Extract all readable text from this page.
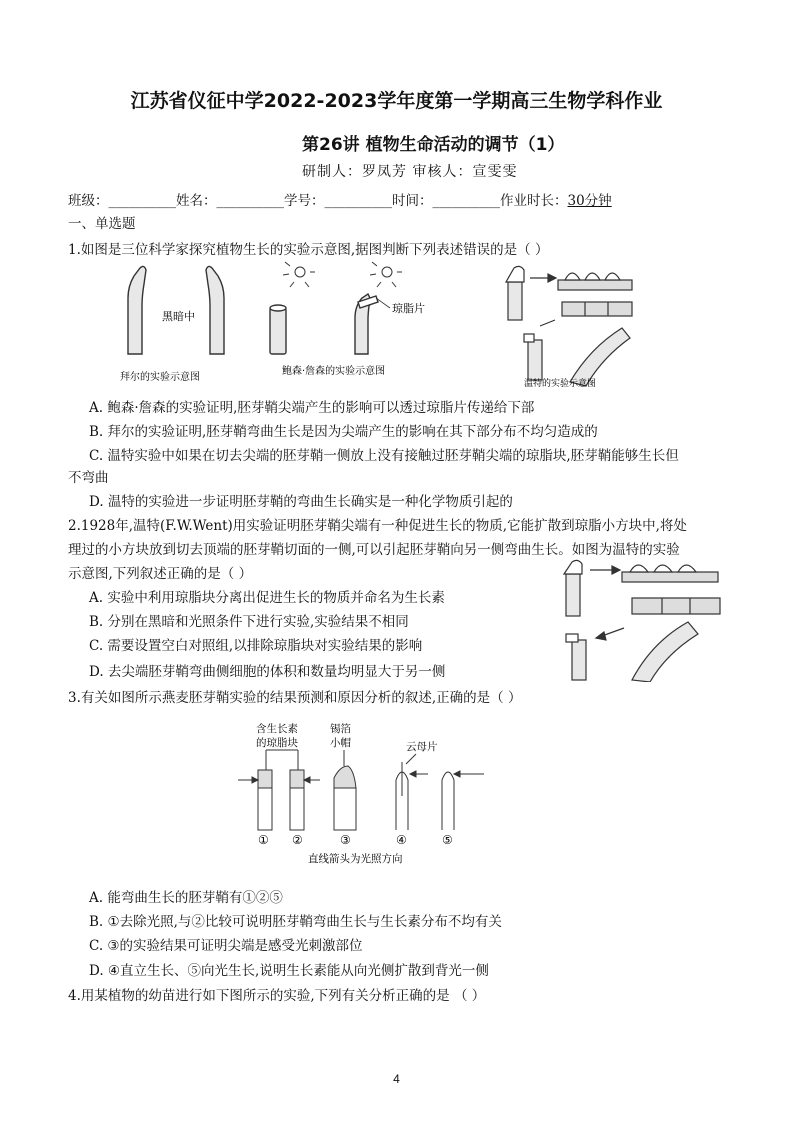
江苏省仪征中学2022-2023学年度第一学期高三生物学科作业
第26讲 植物生命活动的调节（1）
研制人：罗凤芳 审核人：宣雯雯
班级：__________姓名：__________学号：__________时间：__________作业时长：30分钟
一、单选题
1.如图是三位科学家探究植物生长的实验示意图,据图判断下列表述错误的是（ ）
黑暗中
拜尔的实验示意图
琼脂片
鲍森·詹森的实验示意图
温特的实验示意图
A. 鲍森·詹森的实验证明,胚芽鞘尖端产生的影响可以透过琼脂片传递给下部
B. 拜尔的实验证明,胚芽鞘弯曲生长是因为尖端产生的影响在其下部分布不均匀造成的
C. 温特实验中如果在切去尖端的胚芽鞘一侧放上没有接触过胚芽鞘尖端的琼脂块,胚芽鞘能够生长但
不弯曲
D. 温特的实验进一步证明胚芽鞘的弯曲生长确实是一种化学物质引起的
2.1928年,温特(F.W.Went)用实验证明胚芽鞘尖端有一种促进生长的物质,它能扩散到琼脂小方块中,将处
理过的小方块放到切去顶端的胚芽鞘切面的一侧,可以引起胚芽鞘向另一侧弯曲生长。如图为温特的实验
示意图,下列叙述正确的是（ ）
A. 实验中利用琼脂块分离出促进生长的物质并命名为生长素
B. 分别在黑暗和光照条件下进行实验,实验结果不相同
C. 需要设置空白对照组,以排除琼脂块对实验结果的影响
D. 去尖端胚芽鞘弯曲侧细胞的体积和数量均明显大于另一侧
3.有关如图所示燕麦胚芽鞘实验的结果预测和原因分析的叙述,正确的是（ ）
含生长素
的琼脂块
锡箔
小帽	云母片
① ②	③	④	⑤
直线箭头为光照方向
A. 能弯曲生长的胚芽鞘有①②⑤
B. ①去除光照,与②比较可说明胚芽鞘弯曲生长与生长素分布不均有关
C. ③的实验结果可证明尖端是感受光刺激部位
D. ④直立生长、⑤向光生长,说明生长素能从向光侧扩散到背光一侧
4.用某植物的幼苗进行如下图所示的实验,下列有关分析正确的是 （ ）
4
